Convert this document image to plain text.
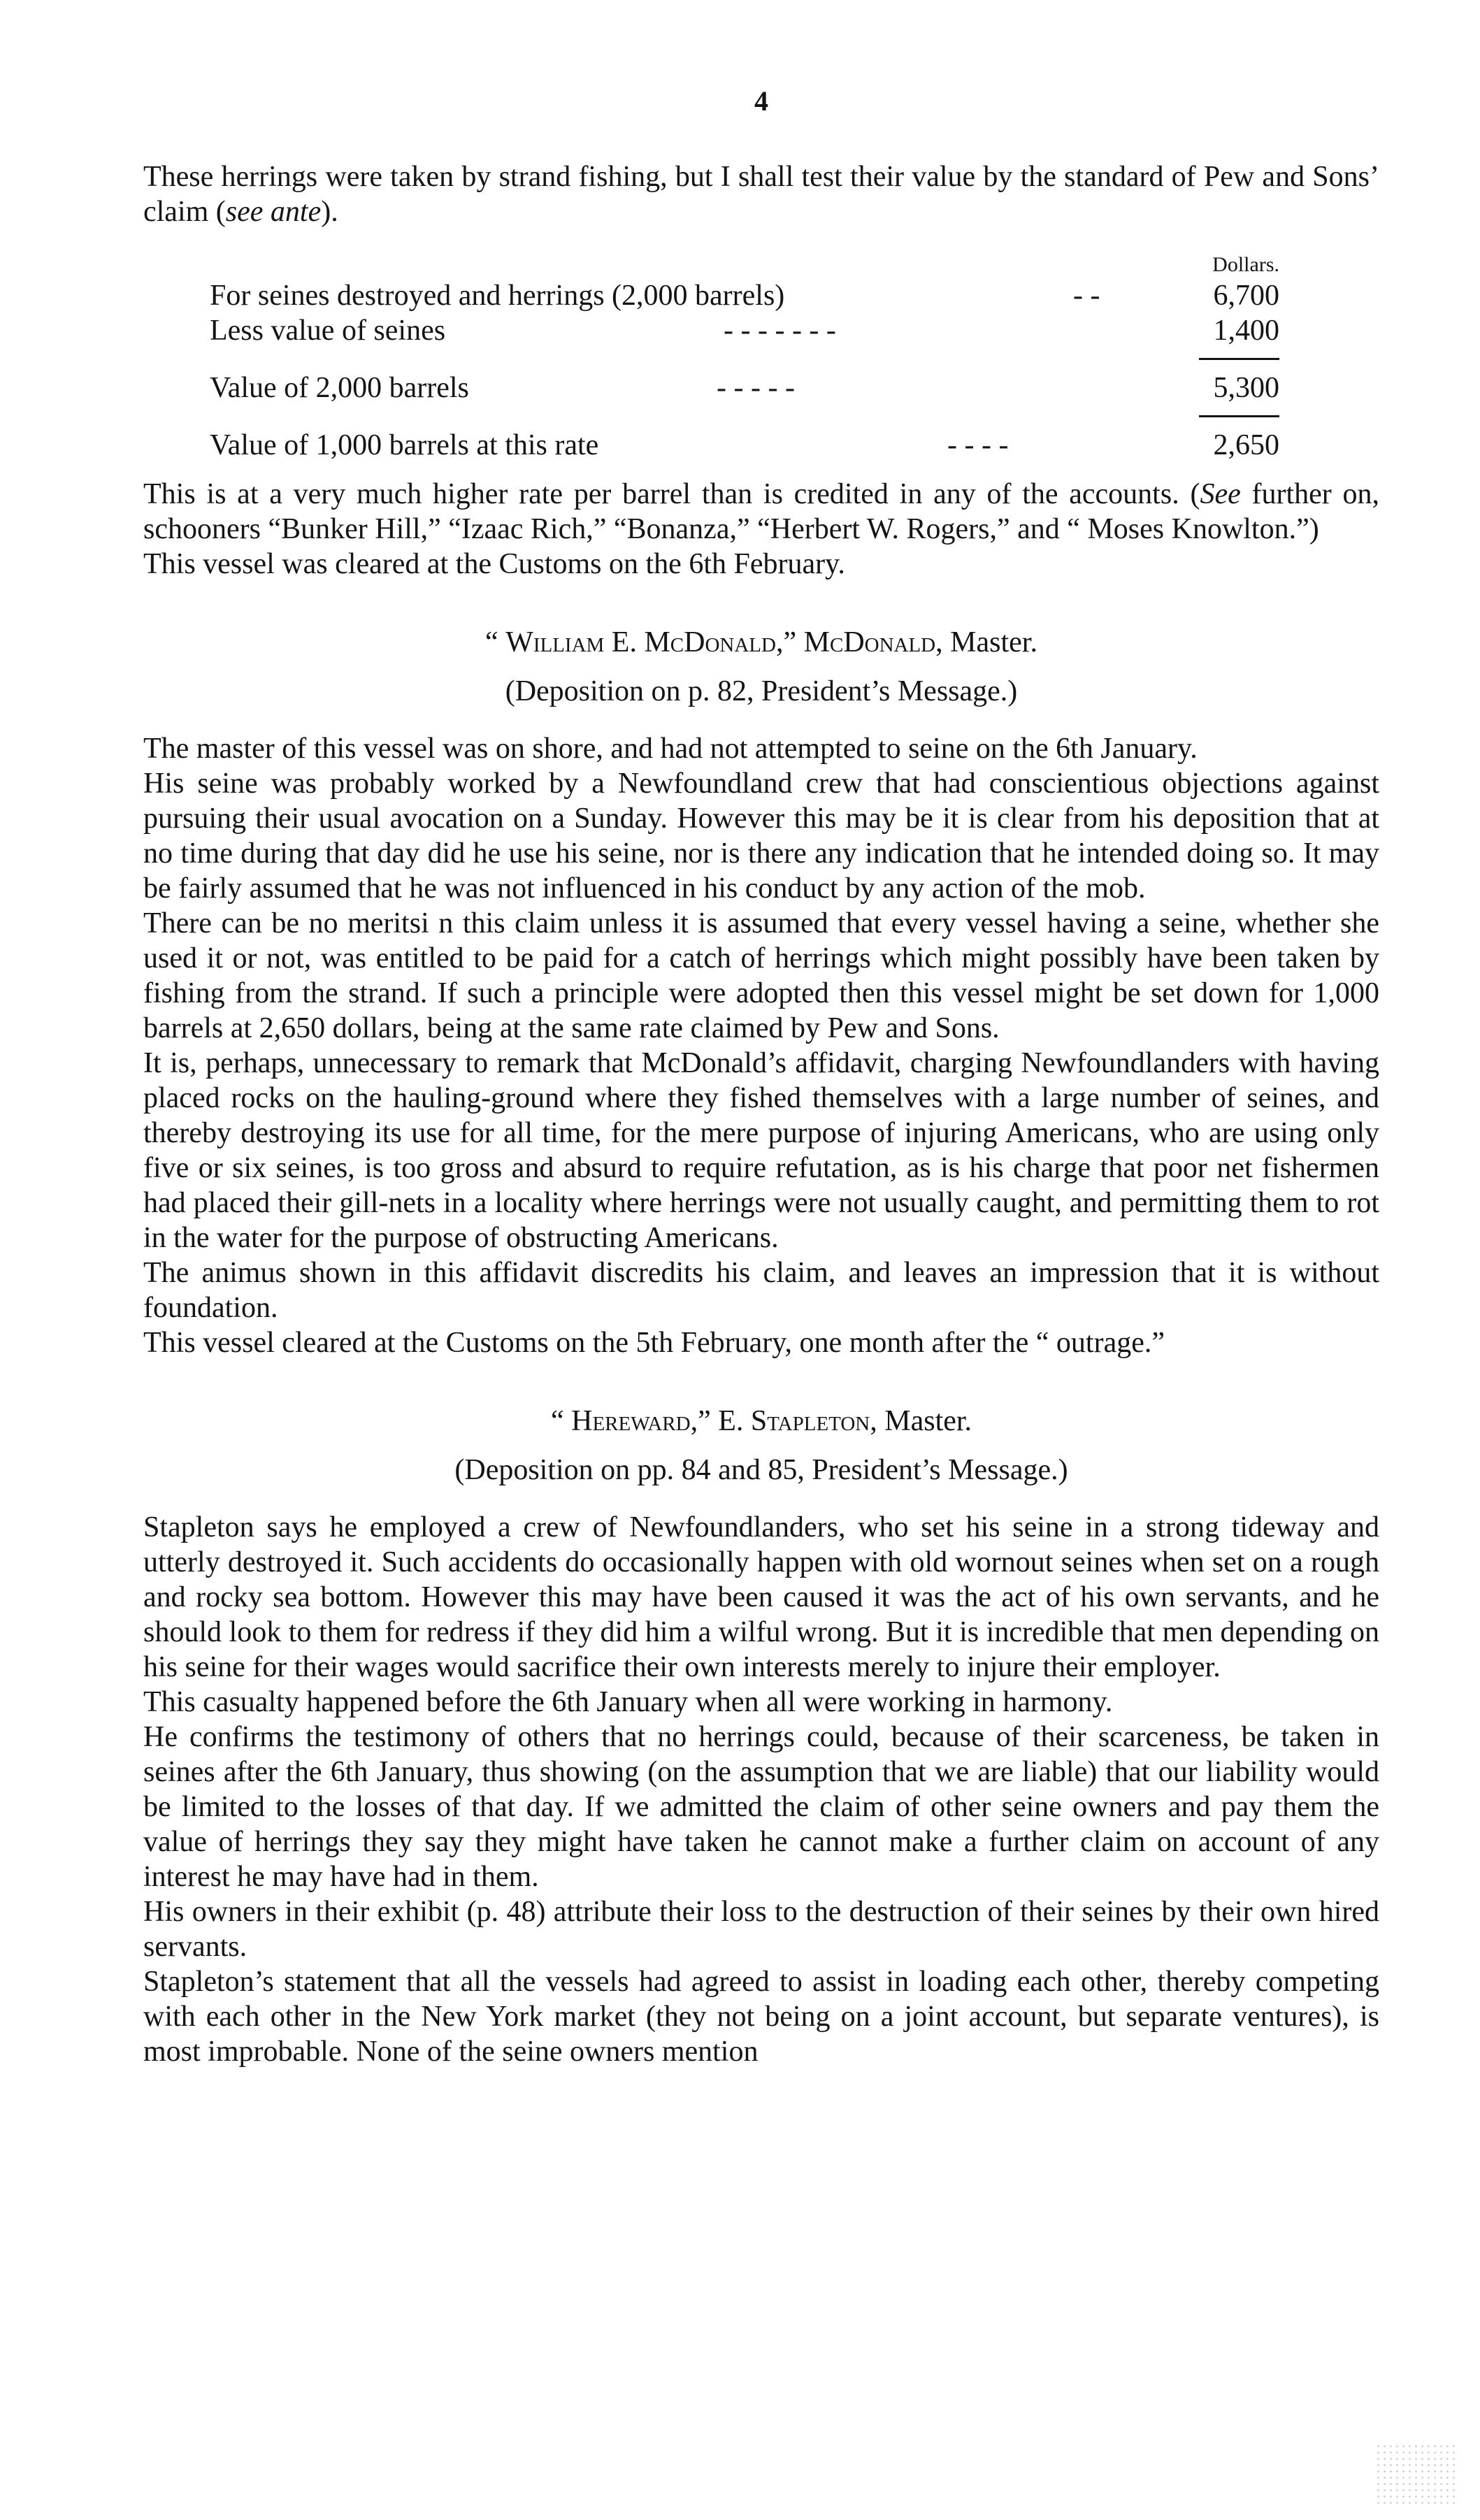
4

These herrings were taken by strand fishing, but I shall test their value by the standard of Pew and Sons’ claim (see ante).

Dollars.
For seines destroyed and herrings (2,000 barrels)	- -	6,700
Less value of seines	- - - - - - -	1,400
Value of 2,000 barrels	- - - - -	5,300
Value of 1,000 barrels at this rate	- - - -	2,650

This is at a very much higher rate per barrel than is credited in any of the accounts. (See further on, schooners “Bunker Hill,” “Izaac Rich,” “Bonanza,” “Herbert W. Rogers,” and “ Moses Knowlton.”)

This vessel was cleared at the Customs on the 6th February.

“ William E. McDonald,” McDonald, Master.
(Deposition on p. 82, President’s Message.)

The master of this vessel was on shore, and had not attempted to seine on the 6th January.

His seine was probably worked by a Newfoundland crew that had conscientious objections against pursuing their usual avocation on a Sunday. However this may be it is clear from his deposition that at no time during that day did he use his seine, nor is there any indication that he intended doing so. It may be fairly assumed that he was not influenced in his conduct by any action of the mob.

There can be no meritsi n this claim unless it is assumed that every vessel having a seine, whether she used it or not, was entitled to be paid for a catch of herrings which might possibly have been taken by fishing from the strand. If such a principle were adopted then this vessel might be set down for 1,000 barrels at 2,650 dollars, being at the same rate claimed by Pew and Sons.

It is, perhaps, unnecessary to remark that McDonald’s affidavit, charging Newfoundlanders with having placed rocks on the hauling-ground where they fished themselves with a large number of seines, and thereby destroying its use for all time, for the mere purpose of injuring Americans, who are using only five or six seines, is too gross and absurd to require refutation, as is his charge that poor net fishermen had placed their gill-nets in a locality where herrings were not usually caught, and permitting them to rot in the water for the purpose of obstructing Americans.

The animus shown in this affidavit discredits his claim, and leaves an impression that it is without foundation.

This vessel cleared at the Customs on the 5th February, one month after the “ outrage.”

“ Hereward,” E. Stapleton, Master.
(Deposition on pp. 84 and 85, President’s Message.)

Stapleton says he employed a crew of Newfoundlanders, who set his seine in a strong tideway and utterly destroyed it. Such accidents do occasionally happen with old wornout seines when set on a rough and rocky sea bottom. However this may have been caused it was the act of his own servants, and he should look to them for redress if they did him a wilful wrong. But it is incredible that men depending on his seine for their wages would sacrifice their own interests merely to injure their employer.

This casualty happened before the 6th January when all were working in harmony.

He confirms the testimony of others that no herrings could, because of their scarceness, be taken in seines after the 6th January, thus showing (on the assumption that we are liable) that our liability would be limited to the losses of that day. If we admitted the claim of other seine owners and pay them the value of herrings they say they might have taken he cannot make a further claim on account of any interest he may have had in them.

His owners in their exhibit (p. 48) attribute their loss to the destruction of their seines by their own hired servants.

Stapleton’s statement that all the vessels had agreed to assist in loading each other, thereby competing with each other in the New York market (they not being on a joint account, but separate ventures), is most improbable. None of the seine owners mention
